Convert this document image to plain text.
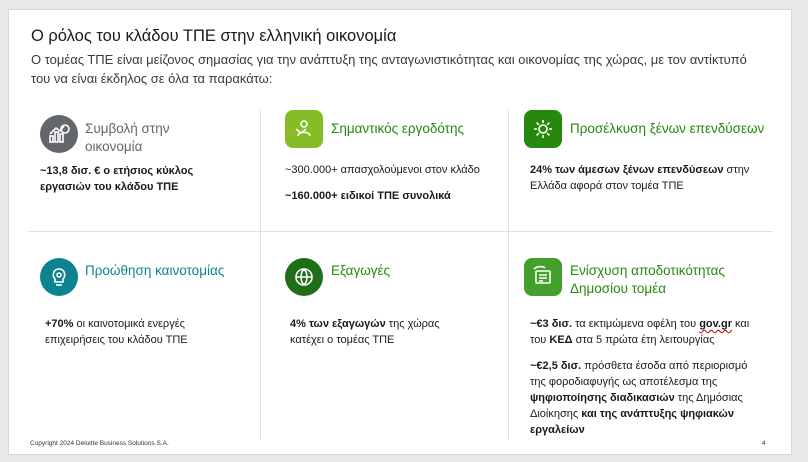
Ο ρόλος του κλάδου ΤΠΕ στην ελληνική οικονομία
Ο τομέας ΤΠΕ είναι μείζονος σημασίας για την ανάπτυξη της ανταγωνιστικότητας και οικονομίας της χώρας, με τον αντίκτυπό του να είναι έκδηλος σε όλα τα παρακάτω:
Συμβολή στην οικονομία
~13,8 δισ. € ο ετήσιος κύκλος εργασιών του κλάδου ΤΠΕ
Σημαντικός εργοδότης

~300.000+ απασχολούμενοι στον κλάδο

~160.000+ ειδικοί ΤΠΕ συνολικά

Προσέλκυση ξένων επενδύσεων
24% των άμεσων ξένων επενδύσεων στην Ελλάδα αφορά στον τομέα ΤΠΕ
Προώθηση καινοτομίας
+70% οι καινοτομικά ενεργές επιχειρήσεις του κλάδου ΤΠΕ
Εξαγωγές
4% των εξαγωγών της χώρας κατέχει ο τομέας ΤΠΕ
Ενίσχυση αποδοτικότητας Δημοσίου τομέα

~€3 δισ. τα εκτιμώμενα οφέλη του gov.gr και του ΚΕΔ στα 5 πρώτα έτη λειτουργίας

~€2,5 δισ. πρόσθετα έσοδα από περιορισμό της φοροδιαφυγής ως αποτέλεσμα της ψηφιοποίησης διαδικασιών της Δημόσιας Διοίκησης και της ανάπτυξης ψηφιακών εργαλείων

Copyright 2024 Deloitte Business Solutions S.A.	4
